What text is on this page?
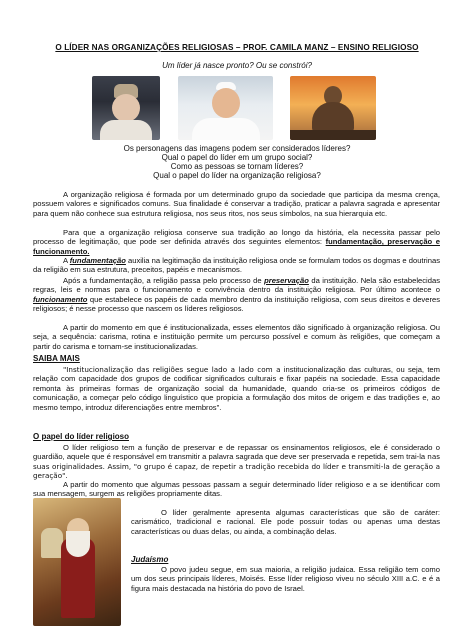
O LÍDER NAS ORGANIZAÇÕES RELIGIOSAS – PROF. CAMILA MANZ – ENSINO RELIGIOSO
Um líder já nasce pronto? Ou se constrói?
Os personagens das imagens podem ser considerados líderes?
Qual o papel do líder em um grupo social?
Como as pessoas se tornam líderes?
Qual o papel do líder na organização religiosa?
A organização religiosa é formada por um determinado grupo da sociedade que participa da mesma crença, possuem valores e significados comuns. Sua finalidade é conservar a tradição, praticar a palavra sagrada e apresentar para quem não conhece sua estrutura religiosa, nos seus ritos, nos seus símbolos, na sua hierarquia etc.
Para que a organização religiosa conserve sua tradição ao longo da história, ela necessita passar pelo processo de legitimação, que pode ser definida através dos seguintes elementos: fundamentação, preservação e funcionamento.
A fundamentação auxilia na legitimação da instituição religiosa onde se formulam todos os dogmas e doutrinas da religião em sua estrutura, preceitos, papéis e mecanismos.
Após a fundamentação, a religião passa pelo processo de preservação da instituição. Nela são estabelecidas regras, leis e normas para o funcionamento e convivência dentro da instituição religiosa. Por último acontece o funcionamento que estabelece os papéis de cada membro dentro da instituição religiosa, com seus direitos e deveres religiosos; é nesse processo que nascem os líderes religiosos.
A partir do momento em que é institucionalizada, esses elementos dão significado à organização religiosa. Ou seja, a sequência: carisma, rotina e instituição permite um percurso possível e comum às religiões, que começam a partir do carisma e tornam-se institucionalizadas.
SAIBA MAIS
"Institucionalização das religiões segue lado a lado com a institucionalização das culturas, ou seja, tem relação com capacidade dos grupos de codificar significados culturais e fixar papéis na sociedade. Essa capacidade remonta às primeiras formas de organização social da humanidade, quando cria-se os primeiros códigos de comunicação, a começar pelo código linguístico que propicia a formulação dos mitos de origem e das tradições e, ao mesmo tempo, introduz diferenciações entre membros".
O papel do líder religioso
O líder religioso tem a função de preservar e de repassar os ensinamentos religiosos, ele é considerado o guardião, aquele que é responsável em transmitir a palavra sagrada que deve ser preservada e repetida, sem trai-la nas suas originalidades. Assim, "o grupo é capaz, de repetir a tradição recebida do líder e transmiti-la de geração a geração".
A partir do momento que algumas pessoas passam a seguir determinado líder religioso e a se identificar com sua mensagem, surgem as religiões propriamente ditas.
O líder geralmente apresenta algumas características que são de caráter: carismático, tradicional e racional. Ele pode possuir todas ou apenas uma destas características ou duas delas, ou ainda, a combinação delas.
Judaísmo
O povo judeu segue, em sua maioria, a religião judaica. Essa religião tem como um dos seus principais líderes, Moisés. Esse líder religioso viveu no século XIII a.C. e é a figura mais destacada na história do povo de Israel.
